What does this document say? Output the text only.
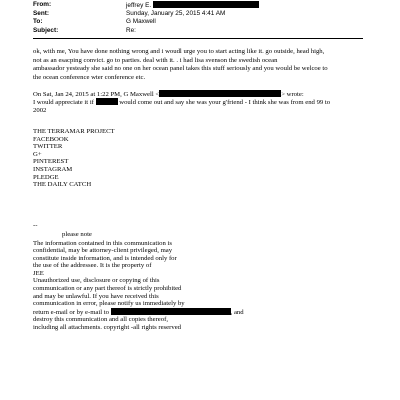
From:	jeffrey E.
Sent:	Sunday, January 25, 2015 4:41 AM
To:	G Maxwell
Subject:	Re:
ok, with me, You have done nothing wrong and i woudl urge you to start acting like it. go outside, head high,
not as an esacping convict. go to parties. deal with it. . i had lisa svenson the swedish ocean
ambassador yesteady she said no one on her ocean panel takes this stuff seriously and you would be welcoe to
the ocean conference wter conference etc.
On Sat, Jan 24, 2015 at 1:22 PM, G Maxwell <	> wrote:
I would appreciate it if	would come out and say she was your g'friend - I think she was from end 99 to
2002
THE TERRAMAR PROJECT
FACEBOOK
TWITTER
G+
PINTEREST
INSTAGRAM
PLEDGE
THE DAILY CATCH
--
please note
The information contained in this communication is
confidential, may be attorney-client privileged, may
constitute inside information, and is intended only for
the use of the addressee. It is the property of
JEE
Unauthorized use, disclosure or copying of this
communication or any part thereof is strictly prohibited
and may be unlawful. If you have received this
communication in error, please notify us immediately by
return e-mail or by e-mail to	, and
destroy this communication and all copies thereof,
including all attachments. copyright -all rights reserved
